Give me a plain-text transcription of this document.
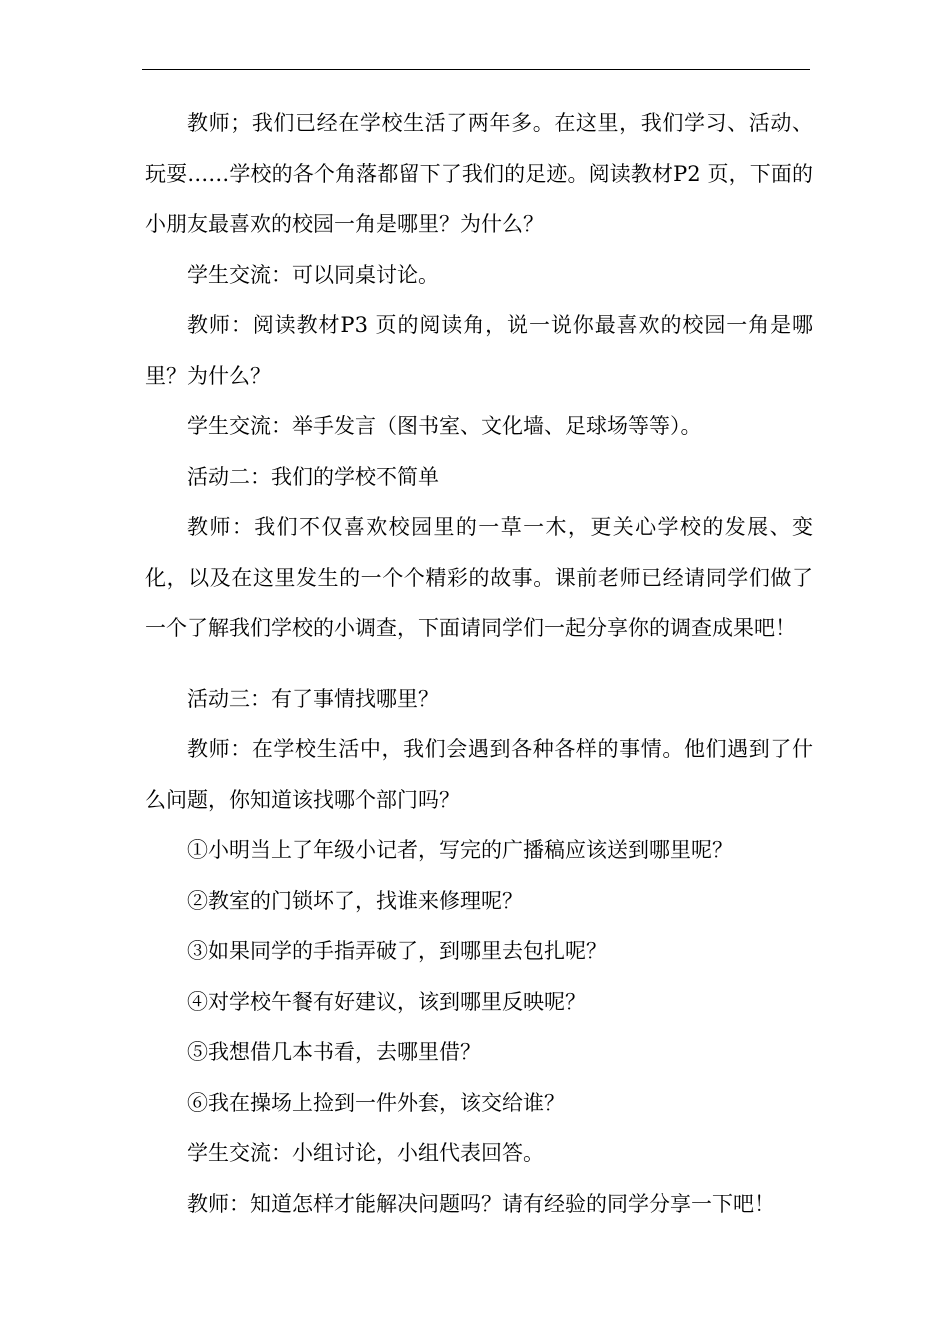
教师；我们已经在学校生活了两年多。在这里，我们学习、活动、玩耍……学校的各个角落都留下了我们的足迹。阅读教材P2 页，下面的小朋友最喜欢的校园一角是哪里？为什么？

学生交流：可以同桌讨论。

教师：阅读教材P3 页的阅读角，说一说你最喜欢的校园一角是哪里？为什么？

学生交流：举手发言（图书室、文化墙、足球场等等）。

活动二：我们的学校不简单

教师：我们不仅喜欢校园里的一草一木，更关心学校的发展、变化，以及在这里发生的一个个精彩的故事。课前老师已经请同学们做了一个了解我们学校的小调查，下面请同学们一起分享你的调查成果吧！

活动三：有了事情找哪里？

教师：在学校生活中，我们会遇到各种各样的事情。他们遇到了什么问题，你知道该找哪个部门吗？

①小明当上了年级小记者，写完的广播稿应该送到哪里呢？

②教室的门锁坏了，找谁来修理呢？

③如果同学的手指弄破了，到哪里去包扎呢？

④对学校午餐有好建议，该到哪里反映呢？

⑤我想借几本书看，去哪里借？

⑥我在操场上捡到一件外套，该交给谁？

学生交流：小组讨论，小组代表回答。

教师：知道怎样才能解决问题吗？请有经验的同学分享一下吧！
